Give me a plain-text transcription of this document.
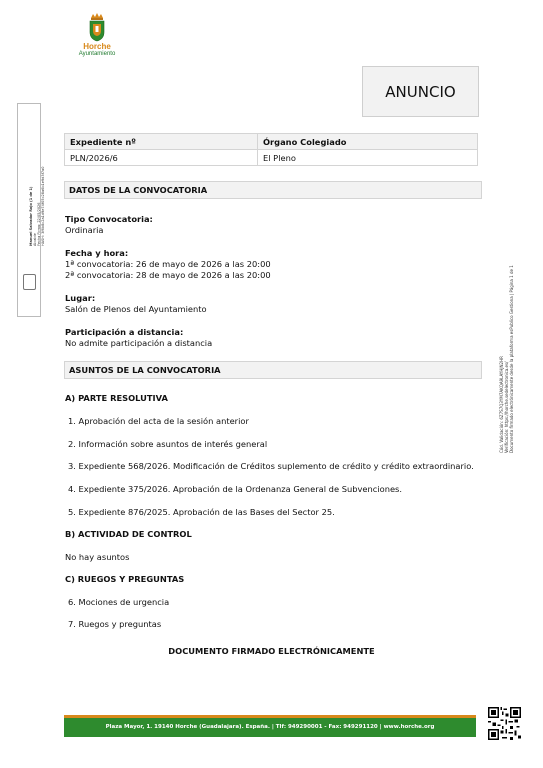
Horche
Ayuntamiento
Manuel Salvador Rojo (1 de 1) Alcalde Fecha Firma: 22/05/2026 HASH: 3f6b8c2a1d9e74f05c28a6b1e9d3f7a0
ANUNCIO
Expediente nº	Órgano Colegiado
PLN/2026/6	El Pleno
DATOS DE LA CONVOCATORIA
Tipo Convocatoria:
Ordinaria
Fecha y hora:
1ª convocatoria: 26 de mayo de 2026 a las 20:00
2ª convocatoria: 28 de mayo de 2026 a las 20:00
Lugar:
Salón de Plenos del Ayuntamiento
Participación a distancia:
No admite participación a distancia
ASUNTOS DE LA CONVOCATORIA
A) PARTE RESOLUTIVA
1. Aprobación del acta de la sesión anterior
2. Información sobre asuntos de interés general
3. Expediente 568/2026. Modificación de Créditos suplemento de crédito y crédito extraordinario.
4. Expediente 375/2026. Aprobación de la Ordenanza General de Subvenciones.
5. Expediente 876/2025. Aprobación de las Bases del Sector 25.
B) ACTIVIDAD DE CONTROL
No hay asuntos
C) RUEGOS Y PREGUNTAS
6. Mociones de urgencia
7. Ruegos y preguntas
DOCUMENTO FIRMADO ELECTRÓNICAMENTE
Plaza Mayor, 1. 19140 Horche (Guadalajara). España. | Tlf: 949290001 - Fax: 949291120 | www.horche.org
Cód. Validación: 6Z7S7Q3YM7AKQA9LAYHJN2HR Verificación: https://horche.sedelectronica.es/ Documento firmado electrónicamente desde la plataforma esPublico Gestiona | Página 1 de 1
